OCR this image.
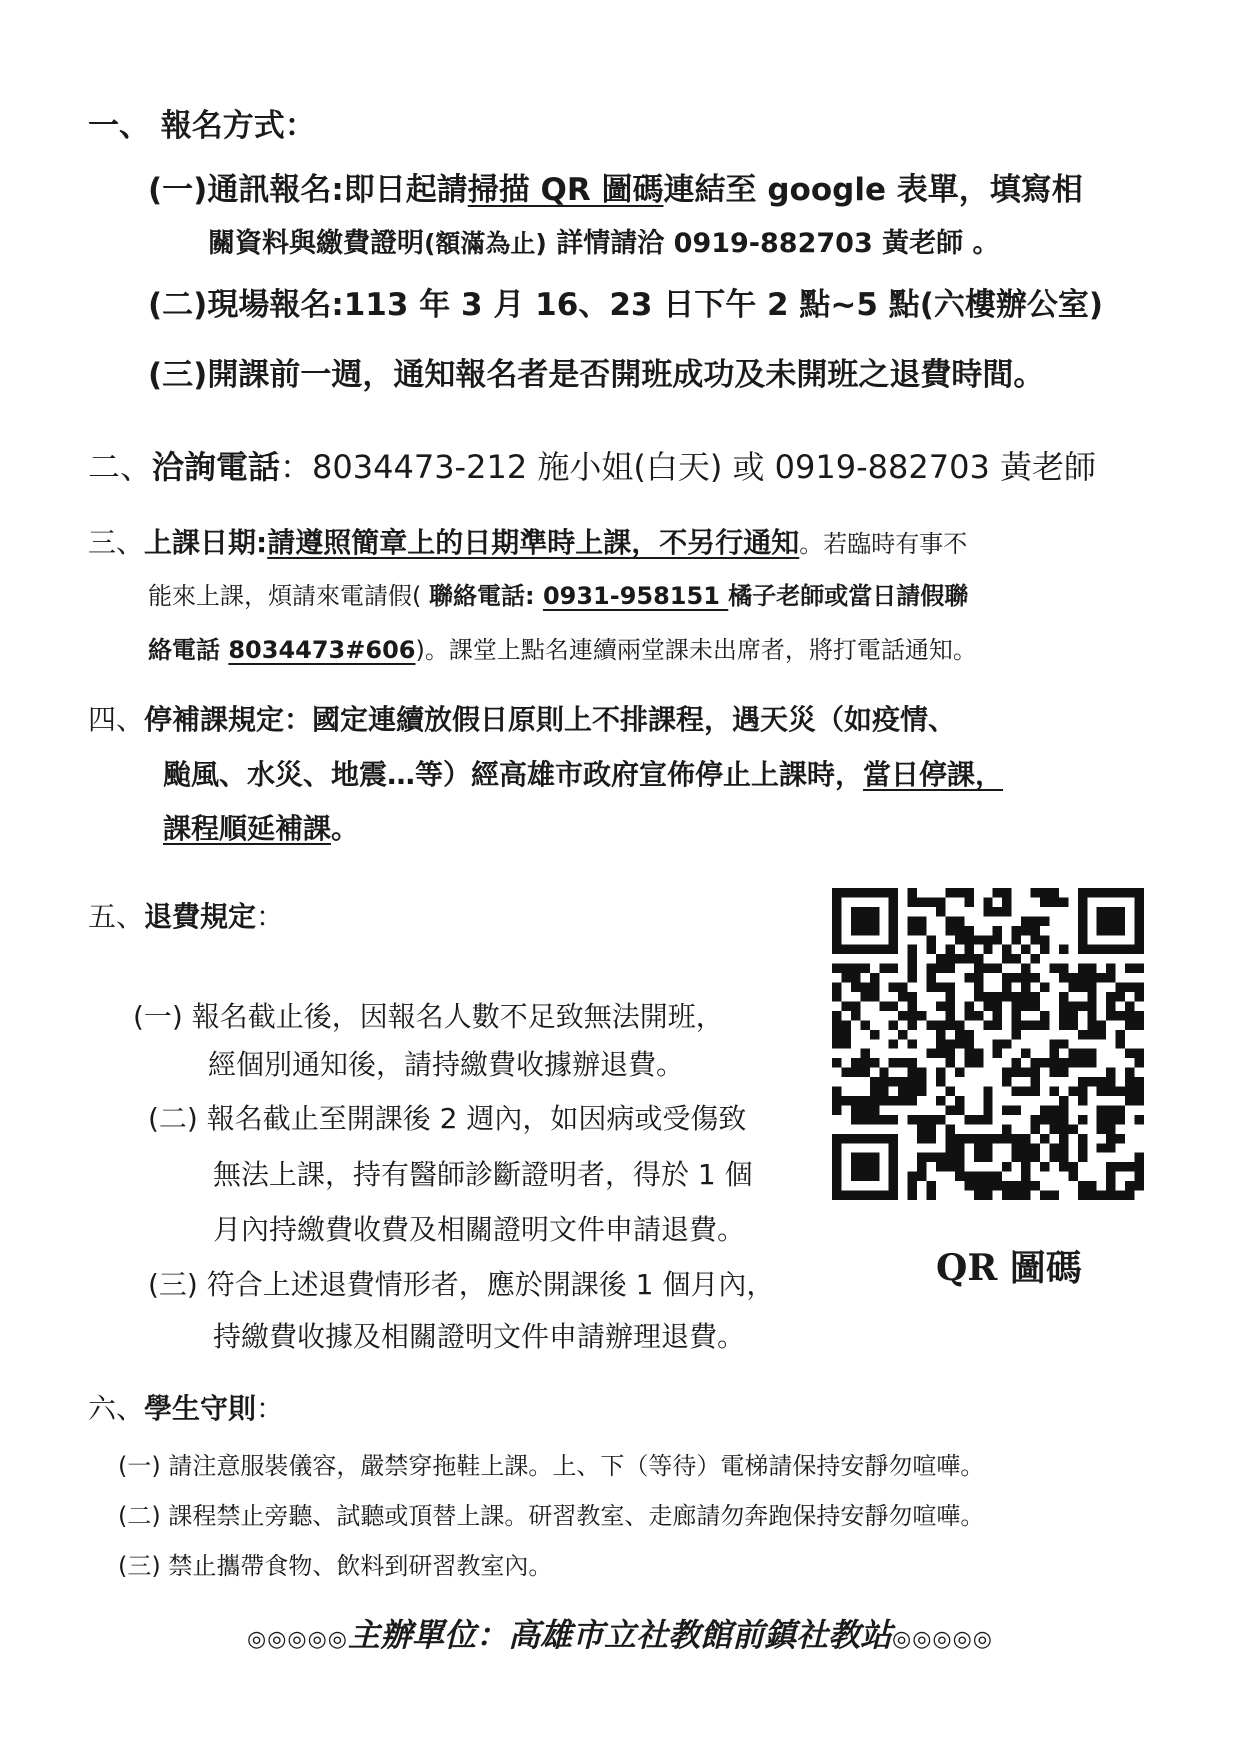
一、 報名方式：
(一)通訊報名:即日起請掃描 QR 圖碼連結至 google 表單，填寫相
關資料與繳費證明(額滿為止) 詳情請洽 0919-882703 黃老師 。
(二)現場報名:113 年 3 月 16、23 日下午 2 點~5 點(六樓辦公室)
(三)開課前一週，通知報名者是否開班成功及未開班之退費時間。
二、洽詢電話：8034473-212 施小姐(白天) 或 0919-882703 黃老師
三、上課日期:請遵照簡章上的日期準時上課，不另行通知。若臨時有事不
能來上課，煩請來電請假( 聯絡電話: 0931-958151 橘子老師或當日請假聯
絡電話 8034473#606)。課堂上點名連續兩堂課未出席者，將打電話通知。
四、停補課規定：國定連續放假日原則上不排課程，遇天災（如疫情、
颱風、水災、地震…等）經高雄市政府宣佈停止上課時，當日停課，
課程順延補課。
五、退費規定：
(一) 報名截止後，因報名人數不足致無法開班，
經個別通知後，請持繳費收據辦退費。
(二) 報名截止至開課後 2 週內，如因病或受傷致
無法上課，持有醫師診斷證明者，得於 1 個
月內持繳費收費及相關證明文件申請退費。
(三) 符合上述退費情形者，應於開課後 1 個月內，
持繳費收據及相關證明文件申請辦理退費。
QR 圖碼
六、學生守則：
(一) 請注意服裝儀容，嚴禁穿拖鞋上課。上、下（等待）電梯請保持安靜勿喧嘩。
(二) 課程禁止旁聽、試聽或頂替上課。研習教室、走廊請勿奔跑保持安靜勿喧嘩。
(三) 禁止攜帶食物、飲料到研習教室內。
◎◎◎◎◎主辦單位：高雄市立社教館前鎮社教站◎◎◎◎◎
